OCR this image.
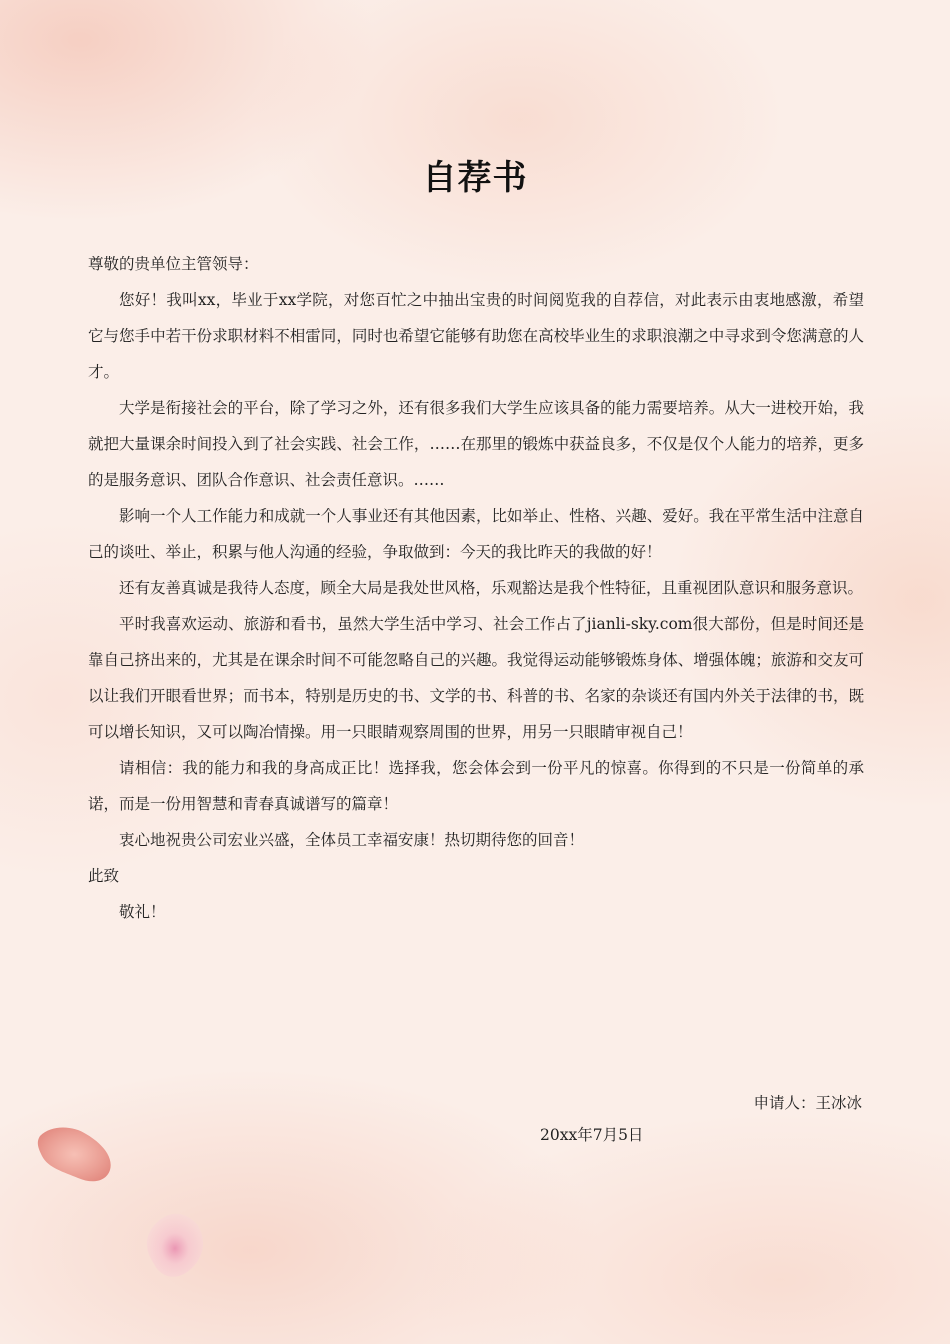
自荐书

尊敬的贵单位主管领导：

您好！我叫xx，毕业于xx学院，对您百忙之中抽出宝贵的时间阅览我的自荐信，对此表示由衷地感激，希望它与您手中若干份求职材料不相雷同，同时也希望它能够有助您在高校毕业生的求职浪潮之中寻求到令您满意的人才。

大学是衔接社会的平台，除了学习之外，还有很多我们大学生应该具备的能力需要培养。从大一进校开始，我就把大量课余时间投入到了社会实践、社会工作，……在那里的锻炼中获益良多，不仅是仅个人能力的培养，更多的是服务意识、团队合作意识、社会责任意识。……

影响一个人工作能力和成就一个人事业还有其他因素，比如举止、性格、兴趣、爱好。我在平常生活中注意自己的谈吐、举止，积累与他人沟通的经验，争取做到：今天的我比昨天的我做的好！

还有友善真诚是我待人态度，顾全大局是我处世风格，乐观豁达是我个性特征，且重视团队意识和服务意识。

平时我喜欢运动、旅游和看书，虽然大学生活中学习、社会工作占了jianli-sky.com很大部份，但是时间还是靠自己挤出来的，尤其是在课余时间不可能忽略自己的兴趣。我觉得运动能够锻炼身体、增强体魄；旅游和交友可以让我们开眼看世界；而书本，特别是历史的书、文学的书、科普的书、名家的杂谈还有国内外关于法律的书，既可以增长知识，又可以陶冶情操。用一只眼睛观察周围的世界，用另一只眼睛审视自己！

请相信：我的能力和我的身高成正比！选择我，您会体会到一份平凡的惊喜。你得到的不只是一份简单的承诺，而是一份用智慧和青春真诚谱写的篇章！

衷心地祝贵公司宏业兴盛，全体员工幸福安康！热切期待您的回音！

此致

敬礼！

申请人：王冰冰
20xx年7月5日
